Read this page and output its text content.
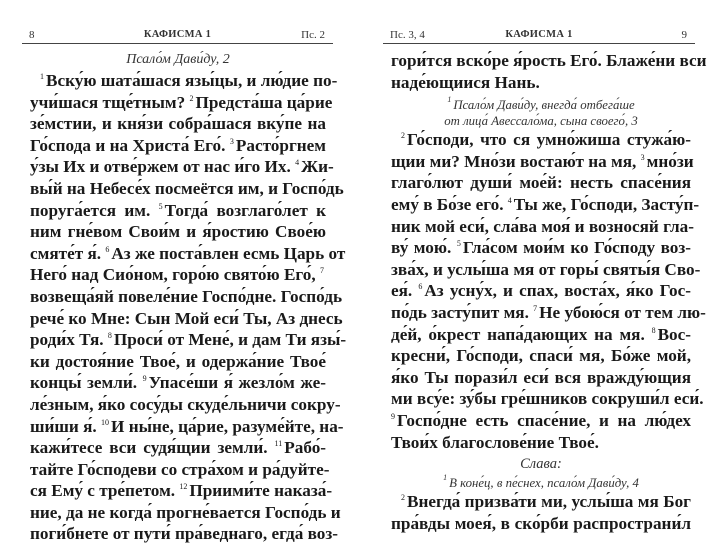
8	КАФИСМА 1	Пс. 2
Псало́м Дави́ду, 2
$^1$ Вску́ю шата́шася язы́цы, и лю́дие по-
учи́шася тще́тным? $^2$ Предста́ша ца́рие
зе́мстии, и кня́зи собра́шася вку́пе на
Го́спода и на Христа́ Его́. $^3$ Расто́ргнем
у́зы Их и отве́ржем от нас и́го Их. $^4$ Жи-
вы́й на Небесе́х посмеётся им, и Госпо́дь
поруга́ется им. $^5$ Тогда́ возглаго́лет к
ним гне́вом Свои́м и я́ростию Свое́ю
смяте́т я́. $^6$ Аз же поста́влен есмь Царь от
Него́ над Сио́ном, горо́ю свято́ю Его́, $^7$
возвеща́яй повеле́ние Госпо́дне. Госпо́дь
рече́ ко Мне: Сын Мой еси́ Ты, Аз днесь
роди́х Тя. $^8$ Проси́ от Мене́, и дам Ти язы́-
ки достоя́ние Твое́, и одержа́ние Твое́
концы́ земли́. $^9$ Упасе́ши я́ жезло́м же-
ле́зным, я́ко сосу́ды скуде́льничи сокру-
ши́ши я́. $^{10}$ И ны́не, ца́рие, разуме́йте, на-
кажи́тесе вси судя́щии земли́. $^{11}$ Рабо́-
тайте Го́сподеви со стра́хом и ра́дуйте-
ся Ему́ с тре́петом. $^{12}$ Приими́те наказа́-
ние, да не когда́ прогне́вается Госпо́дь и
поги́бнете от пути́ пра́веднаго, егда́ воз-
Пс. 3, 4	КАФИСМА 1	9
гори́тся вско́ре я́рость Его́. Блаже́ни вси
наде́ющиися Нань.
$^1$ Псало́м Дави́ду, внегда́ отбега́ше
от лица́ Авессало́ма, сына своего́, 3
$^2$ Го́споди, что ся умно́жиша стужа́ю-
щии ми? Мно́зи востаю́т на мя, $^3$ мно́зи
глаго́лют души́ мое́й: несть спасе́ния
ему́ в Бо́зе его́. $^4$ Ты же, Го́споди, Засту́п-
ник мой еси́, сла́ва моя́ и возносяй гла-
ву́ мою́. $^5$ Гла́сом мои́м ко Го́споду воз-
зва́х, и услы́ша мя от горы́ святы́я Сво-
ея́. $^6$ Аз усну́х, и спах, воста́х, я́ко Гос-
по́дь засту́пит мя. $^7$ Не убою́ся от тем лю-
де́й, о́крест напа́дающих на мя. $^8$ Вос-
кресни́, Го́споди, спаси́ мя, Бо́же мой,
я́ко Ты порази́л еси́ вся вражду́ющия
ми всу́е: зу́бы гре́шников сокруши́л еси́.
$^9$ Госпо́дне есть спасе́ние, и на лю́дех
Твои́х благослове́ние Твое́.
Слава:
$^1$ В коне́ц, в пе́снех, псало́м Дави́ду, 4
$^2$ Внегда́ призва́ти ми, услы́ша мя Бог
пра́вды моея́, в ско́рби распространи́л
